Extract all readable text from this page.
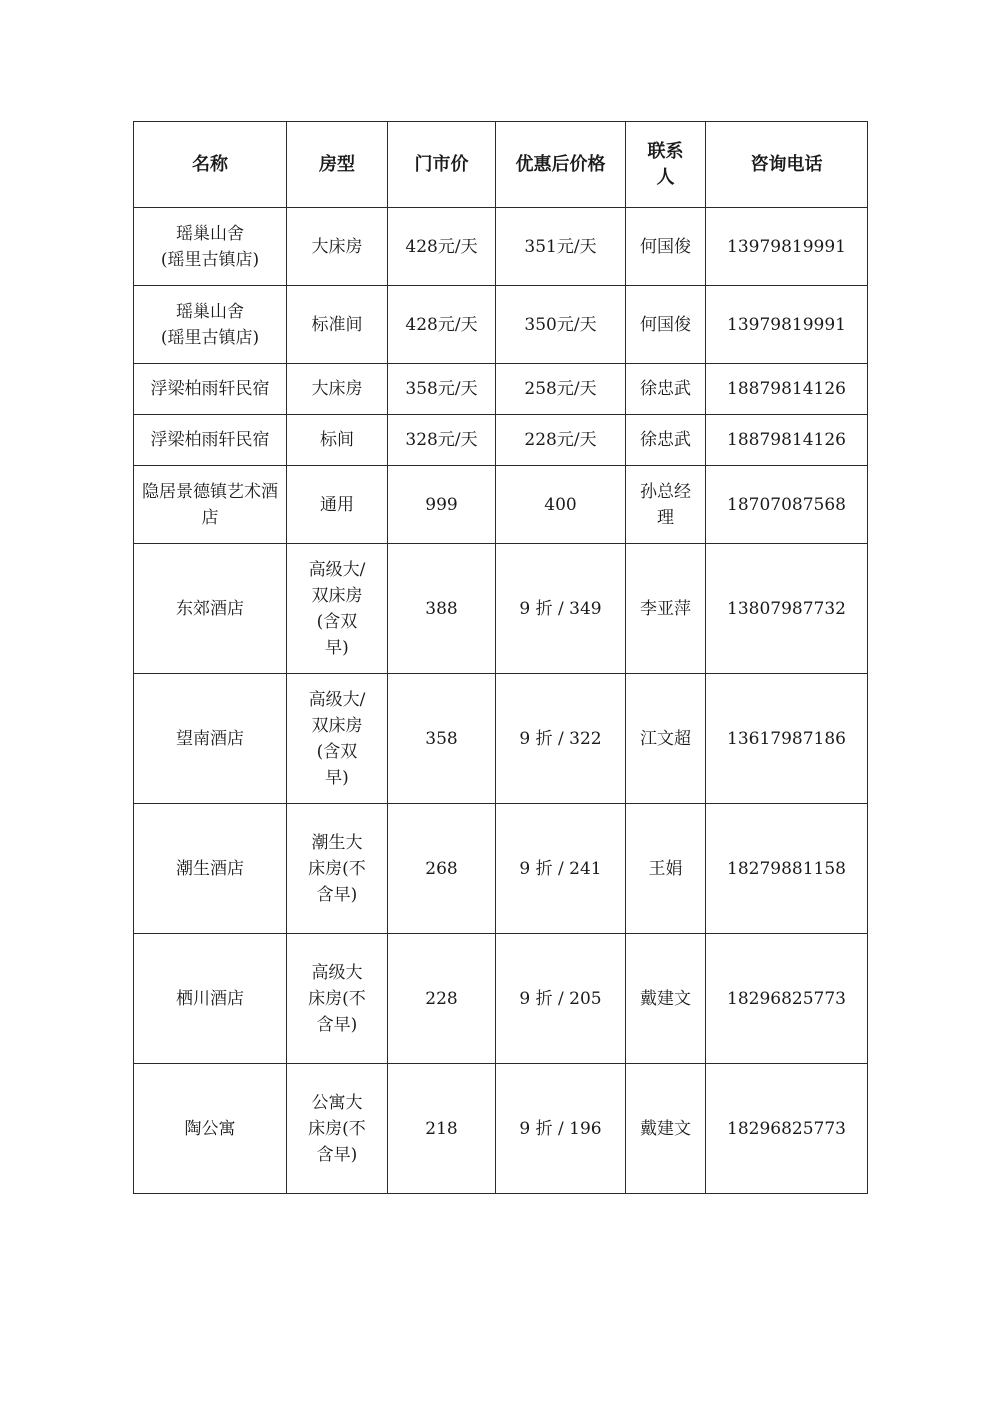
名称	房型	门市价	优惠后价格	联系人	咨询电话
瑶巢山舍
(瑶里古镇店)	大床房	428元/天	351元/天	何国俊	13979819991
瑶巢山舍
(瑶里古镇店)	标准间	428元/天	350元/天	何国俊	13979819991
浮梁柏雨轩民宿	大床房	358元/天	258元/天	徐忠武	18879814126
浮梁柏雨轩民宿	标间	328元/天	228元/天	徐忠武	18879814126
隐居景德镇艺术酒店	通用	999	400	孙总经理	18707087568
东郊酒店	高级大/双床房(含双早)	388	9 折 / 349	李亚萍	13807987732
望南酒店	高级大/双床房(含双早)	358	9 折 / 322	江文超	13617987186
潮生酒店	潮生大床房(不含早)	268	9 折 / 241	王娟	18279881158
栖川酒店	高级大床房(不含早)	228	9 折 / 205	戴建文	18296825773
陶公寓	公寓大床房(不含早)	218	9 折 / 196	戴建文	18296825773
